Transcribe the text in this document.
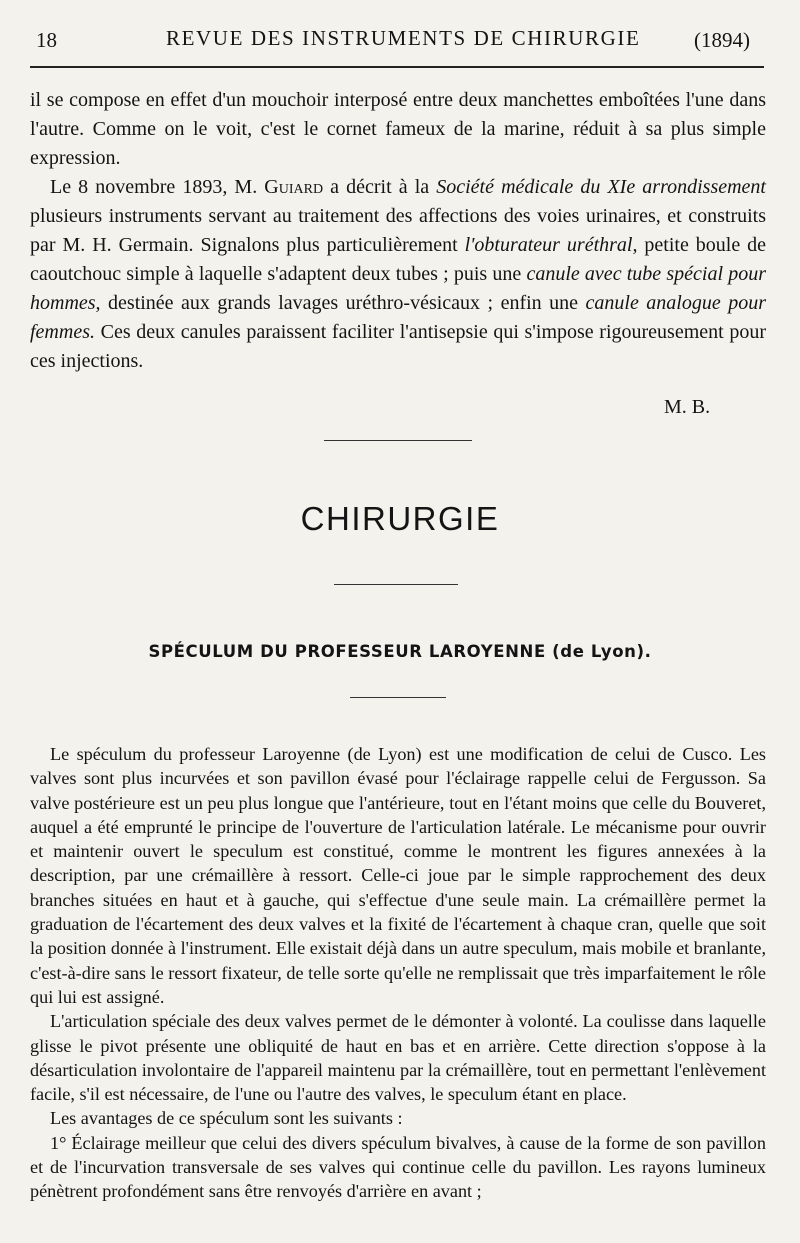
18	REVUE DES INSTRUMENTS DE CHIRURGIE	(1894)

il se compose en effet d'un mouchoir interposé entre deux manchettes emboîtées l'une dans l'autre. Comme on le voit, c'est le cornet fameux de la marine, réduit à sa plus simple expression.

Le 8 novembre 1893, M. Guiard a décrit à la Société médicale du XIe arrondissement plusieurs instruments servant au traitement des affections des voies urinaires, et construits par M. H. Germain. Signalons plus particulièrement l'obturateur uréthral, petite boule de caoutchouc simple à laquelle s'adaptent deux tubes ; puis une canule avec tube spécial pour hommes, destinée aux grands lavages uréthro-vésicaux ; enfin une canule analogue pour femmes. Ces deux canules paraissent faciliter l'antisepsie qui s'impose rigoureusement pour ces injections.

M. B.
CHIRURGIE
SPÉCULUM DU PROFESSEUR LAROYENNE (de Lyon).

Le spéculum du professeur Laroyenne (de Lyon) est une modification de celui de Cusco. Les valves sont plus incurvées et son pavillon évasé pour l'éclairage rappelle celui de Fergusson. Sa valve postérieure est un peu plus longue que l'antérieure, tout en l'étant moins que celle du Bouveret, auquel a été emprunté le principe de l'ouverture de l'articulation latérale. Le mécanisme pour ouvrir et maintenir ouvert le speculum est constitué, comme le montrent les figures annexées à la description, par une crémaillère à ressort. Celle-ci joue par le simple rapprochement des deux branches situées en haut et à gauche, qui s'effectue d'une seule main. La crémaillère permet la graduation de l'écartement des deux valves et la fixité de l'écartement à chaque cran, quelle que soit la position donnée à l'instrument. Elle existait déjà dans un autre speculum, mais mobile et branlante, c'est-à-dire sans le ressort fixateur, de telle sorte qu'elle ne remplissait que très imparfaitement le rôle qui lui est assigné.

L'articulation spéciale des deux valves permet de le démonter à volonté. La coulisse dans laquelle glisse le pivot présente une obliquité de haut en bas et en arrière. Cette direction s'oppose à la désarticulation involontaire de l'appareil maintenu par la crémaillère, tout en permettant l'enlèvement facile, s'il est nécessaire, de l'une ou l'autre des valves, le speculum étant en place.

Les avantages de ce spéculum sont les suivants :

1° Éclairage meilleur que celui des divers spéculum bivalves, à cause de la forme de son pavillon et de l'incurvation transversale de ses valves qui continue celle du pavillon. Les rayons lumineux pénètrent profondément sans être renvoyés d'arrière en avant ;
